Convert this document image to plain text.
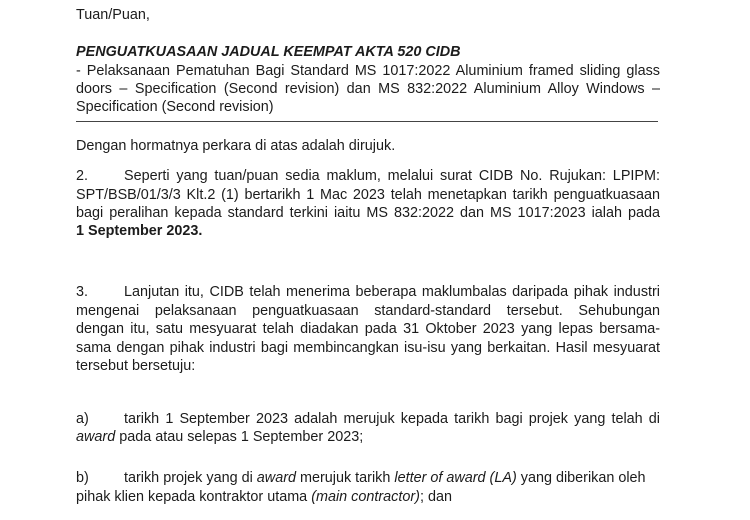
Tuan/Puan,
PENGUATKUASAAN JADUAL KEEMPAT AKTA 520 CIDB
- Pelaksanaan Pematuhan Bagi Standard MS 1017:2022 Aluminium framed sliding glass
doors – Specification (Second revision) dan MS 832:2022 Aluminium Alloy Windows –
Specification (Second revision)
Dengan hormatnya perkara di atas adalah dirujuk.
2. Seperti yang tuan/puan sedia maklum, melalui surat CIDB No. Rujukan: LPIPM:
SPT/BSB/01/3/3 Klt.2 (1) bertarikh 1 Mac 2023 telah menetapkan tarikh penguatkuasaan
bagi peralihan kepada standard terkini iaitu MS 832:2022 dan MS 1017:2023 ialah pada
1 September 2023.
3. Lanjutan itu, CIDB telah menerima beberapa maklumbalas daripada pihak industri
mengenai pelaksanaan penguatkuasaan standard-standard tersebut. Sehubungan
dengan itu, satu mesyuarat telah diadakan pada 31 Oktober 2023 yang lepas bersama-
sama dengan pihak industri bagi membincangkan isu-isu yang berkaitan. Hasil mesyuarat
tersebut bersetuju:
a) tarikh 1 September 2023 adalah merujuk kepada tarikh bagi projek yang telah di
award pada atau selepas 1 September 2023;
b) tarikh projek yang di award merujuk tarikh letter of award (LA) yang diberikan oleh
pihak klien kepada kontraktor utama (main contractor); dan
